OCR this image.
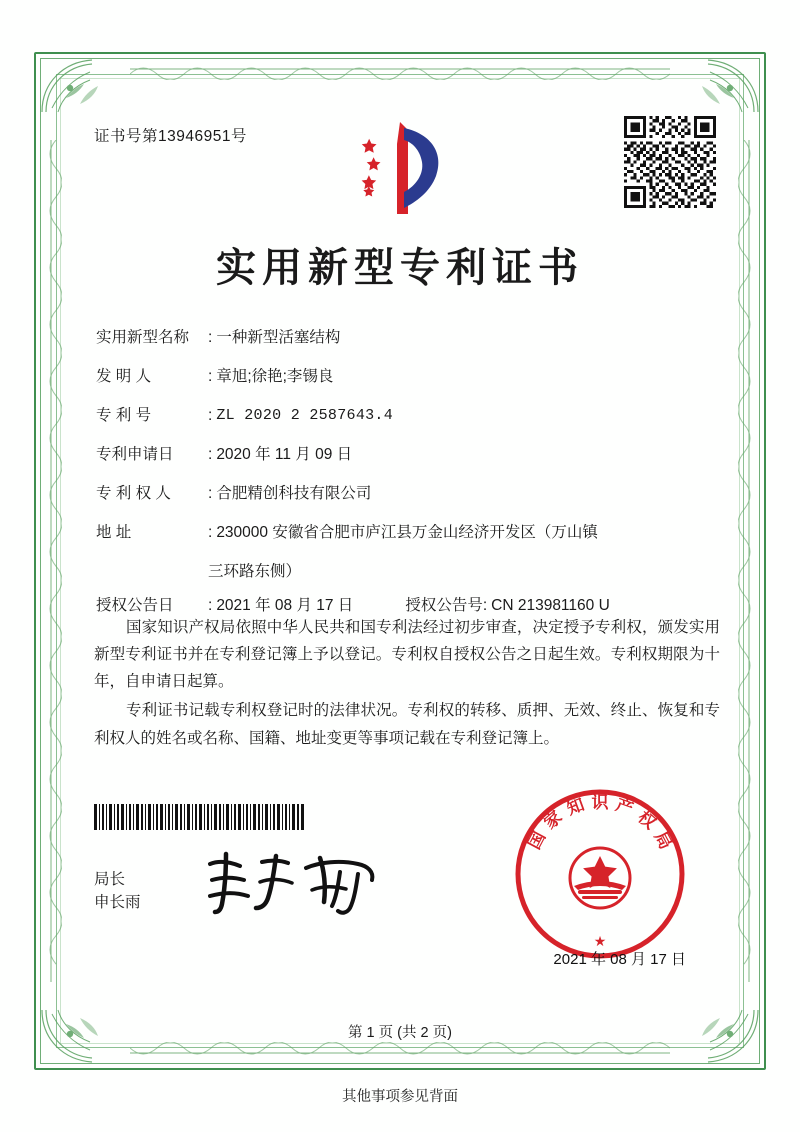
证书号第13946951号
实用新型专利证书
实用新型名称	: 一种新型活塞结构
发 明 人	: 章旭;徐艳;李锡良
专 利 号	: ZL 2020 2 2587643.4
专利申请日	: 2020 年 11 月 09 日
专 利 权 人	: 合肥精创科技有限公司
地 址	: 230000 安徽省合肥市庐江县万金山经济开发区（万山镇
三环路东侧）
授权公告日	: 2021 年 08 月 17 日	授权公告号 : CN 213981160 U

国家知识产权局依照中华人民共和国专利法经过初步审查，决定授予专利权，颁发实用新型专利证书并在专利登记簿上予以登记。专利权自授权公告之日起生效。专利权期限为十年，自申请日起算。

专利证书记载专利权登记时的法律状况。专利权的转移、质押、无效、终止、恢复和专利权人的姓名或名称、国籍、地址变更等事项记载在专利登记簿上。

局长
申长雨
国
家
知 识 产
权
局
★
2021 年 08 月 17 日
第 1 页 (共 2 页)
其他事项参见背面
